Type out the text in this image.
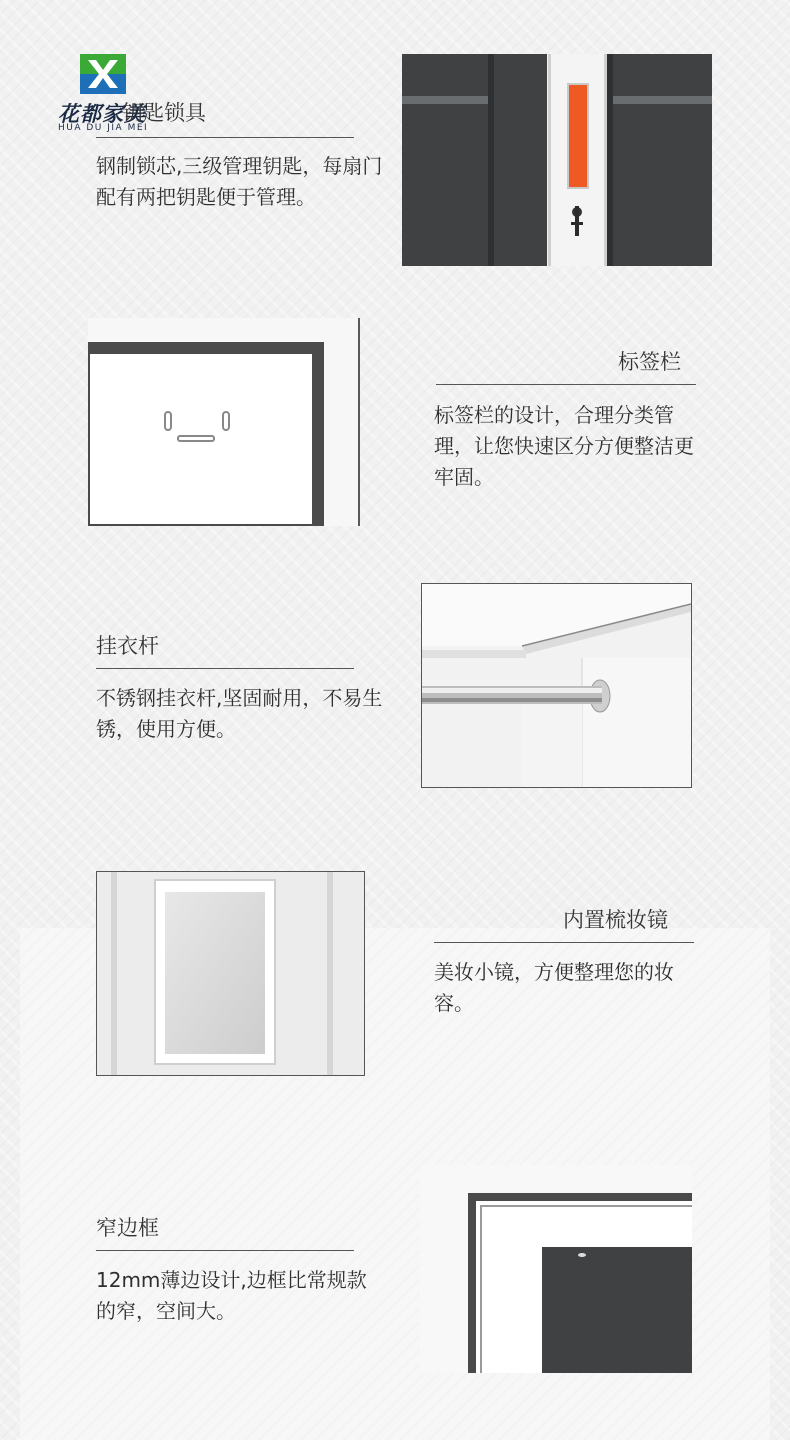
花都家美
HUA DU JIA MEI
钥匙锁具
钢制锁芯,三级管理钥匙，每扇门配有两把钥匙便于管理。
标签栏
标签栏的设计，合理分类管理，让您快速区分方便整洁更牢固。
挂衣杆
不锈钢挂衣杆,坚固耐用，不易生锈，使用方便。
内置梳妆镜
美妆小镜，方便整理您的妆容。
窄边框
12mm薄边设计,边框比常规款的窄，空间大。
